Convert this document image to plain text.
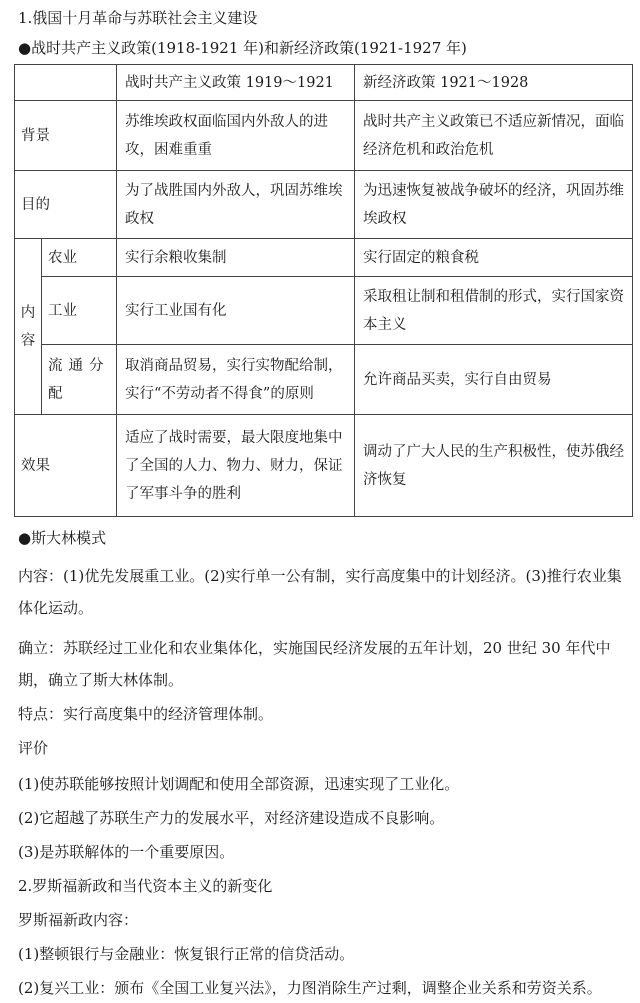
1.俄国十月革命与苏联社会主义建设
●战时共产主义政策(1918-1921 年)和新经济政策(1921-1927 年)
		战时共产主义政策 1919～1921	新经济政策 1921～1928
背景		苏维埃政权面临国内外敌人的进攻，困难重重	战时共产主义政策已不适应新情况，面临经济危机和政治危机
目的		为了战胜国内外敌人，巩固苏维埃政权	为迅速恢复被战争破坏的经济，巩固苏维埃政权
内容	农业	实行余粮收集制	实行固定的粮食税
	工业	实行工业国有化	采取租让制和租借制的形式，实行国家资本主义
	流通分配	取消商品贸易，实行实物配给制，实行“不劳动者不得食”的原则	允许商品买卖，实行自由贸易
效果		适应了战时需要，最大限度地集中了全国的人力、物力、财力，保证了军事斗争的胜利	调动了广大人民的生产积极性，使苏俄经济恢复
●斯大林模式
内容：(1)优先发展重工业。(2)实行单一公有制，实行高度集中的计划经济。(3)推行农业集体化运动。
确立：苏联经过工业化和农业集体化，实施国民经济发展的五年计划，20 世纪 30 年代中期，确立了斯大林体制。
特点：实行高度集中的经济管理体制。
评价
(1)使苏联能够按照计划调配和使用全部资源，迅速实现了工业化。
(2)它超越了苏联生产力的发展水平，对经济建设造成不良影响。
(3)是苏联解体的一个重要原因。
2.罗斯福新政和当代资本主义的新变化
罗斯福新政内容：
(1)整顿银行与金融业：恢复银行正常的信贷活动。
(2)复兴工业：颁布《全国工业复兴法》，力图消除生产过剩，调整企业关系和劳资关系。
